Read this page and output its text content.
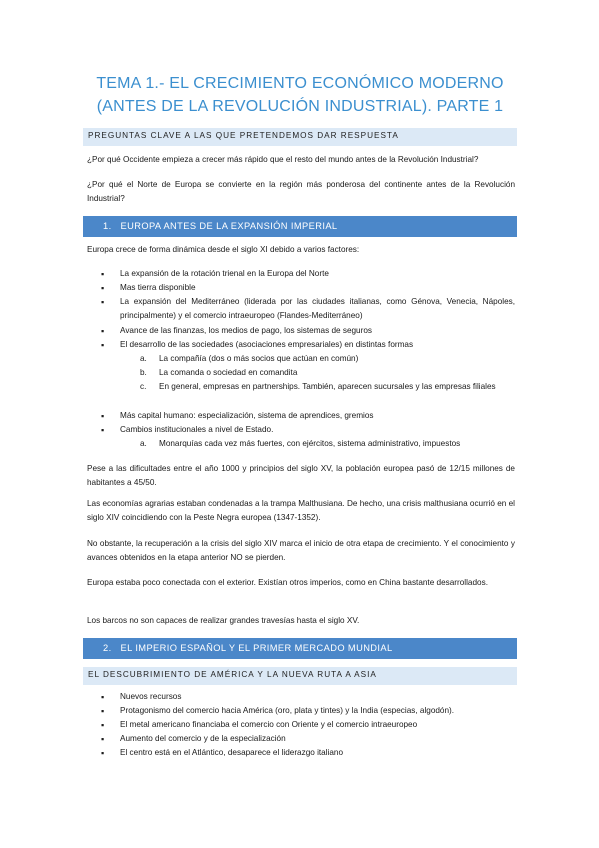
TEMA 1.- EL CRECIMIENTO ECONÓMICO MODERNO
(ANTES DE LA REVOLUCIÓN INDUSTRIAL). PARTE 1
PREGUNTAS CLAVE A LAS QUE PRETENDEMOS DAR RESPUESTA
¿Por qué Occidente empieza a crecer más rápido que el resto del mundo antes de la Revolución Industrial?
¿Por qué el Norte de Europa se convierte en la región más ponderosa del continente antes de la Revolución Industrial?
1. EUROPA ANTES DE LA EXPANSIÓN IMPERIAL
Europa crece de forma dinámica desde el siglo XI debido a varios factores:
▪ La expansión de la rotación trienal en la Europa del Norte
▪ Mas tierra disponible
▪ La expansión del Mediterráneo (liderada por las ciudades italianas, como Génova, Venecia, Nápoles, principalmente) y el comercio intraeuropeo (Flandes-Mediterráneo)
▪ Avance de las finanzas, los medios de pago, los sistemas de seguros
▪ El desarrollo de las sociedades (asociaciones empresariales) en distintas formas
a. La compañía (dos o más socios que actúan en común)
b. La comanda o sociedad en comandita
c. En general, empresas en partnerships. También, aparecen sucursales y las empresas filiales
▪ Más capital humano: especialización, sistema de aprendices, gremios
▪ Cambios institucionales a nivel de Estado.
a. Monarquías cada vez más fuertes, con ejércitos, sistema administrativo, impuestos
Pese a las dificultades entre el año 1000 y principios del siglo XV, la población europea pasó de 12/15 millones de habitantes a 45/50.
Las economías agrarias estaban condenadas a la trampa Malthusiana. De hecho, una crisis malthusiana ocurrió en el siglo XIV coincidiendo con la Peste Negra europea (1347-1352).
No obstante, la recuperación a la crisis del siglo XIV marca el inicio de otra etapa de crecimiento. Y el conocimiento y avances obtenidos en la etapa anterior NO se pierden.
Europa estaba poco conectada con el exterior. Existían otros imperios, como en China bastante desarrollados.
Los barcos no son capaces de realizar grandes travesías hasta el siglo XV.
2. EL IMPERIO ESPAÑOL Y EL PRIMER MERCADO MUNDIAL
EL DESCUBRIMIENTO DE AMÉRICA Y LA NUEVA RUTA A ASIA
▪ Nuevos recursos
▪ Protagonismo del comercio hacia América (oro, plata y tintes) y la India (especias, algodón).
▪ El metal americano financiaba el comercio con Oriente y el comercio intraeuropeo
▪ Aumento del comercio y de la especialización
▪ El centro está en el Atlántico, desaparece el liderazgo italiano
